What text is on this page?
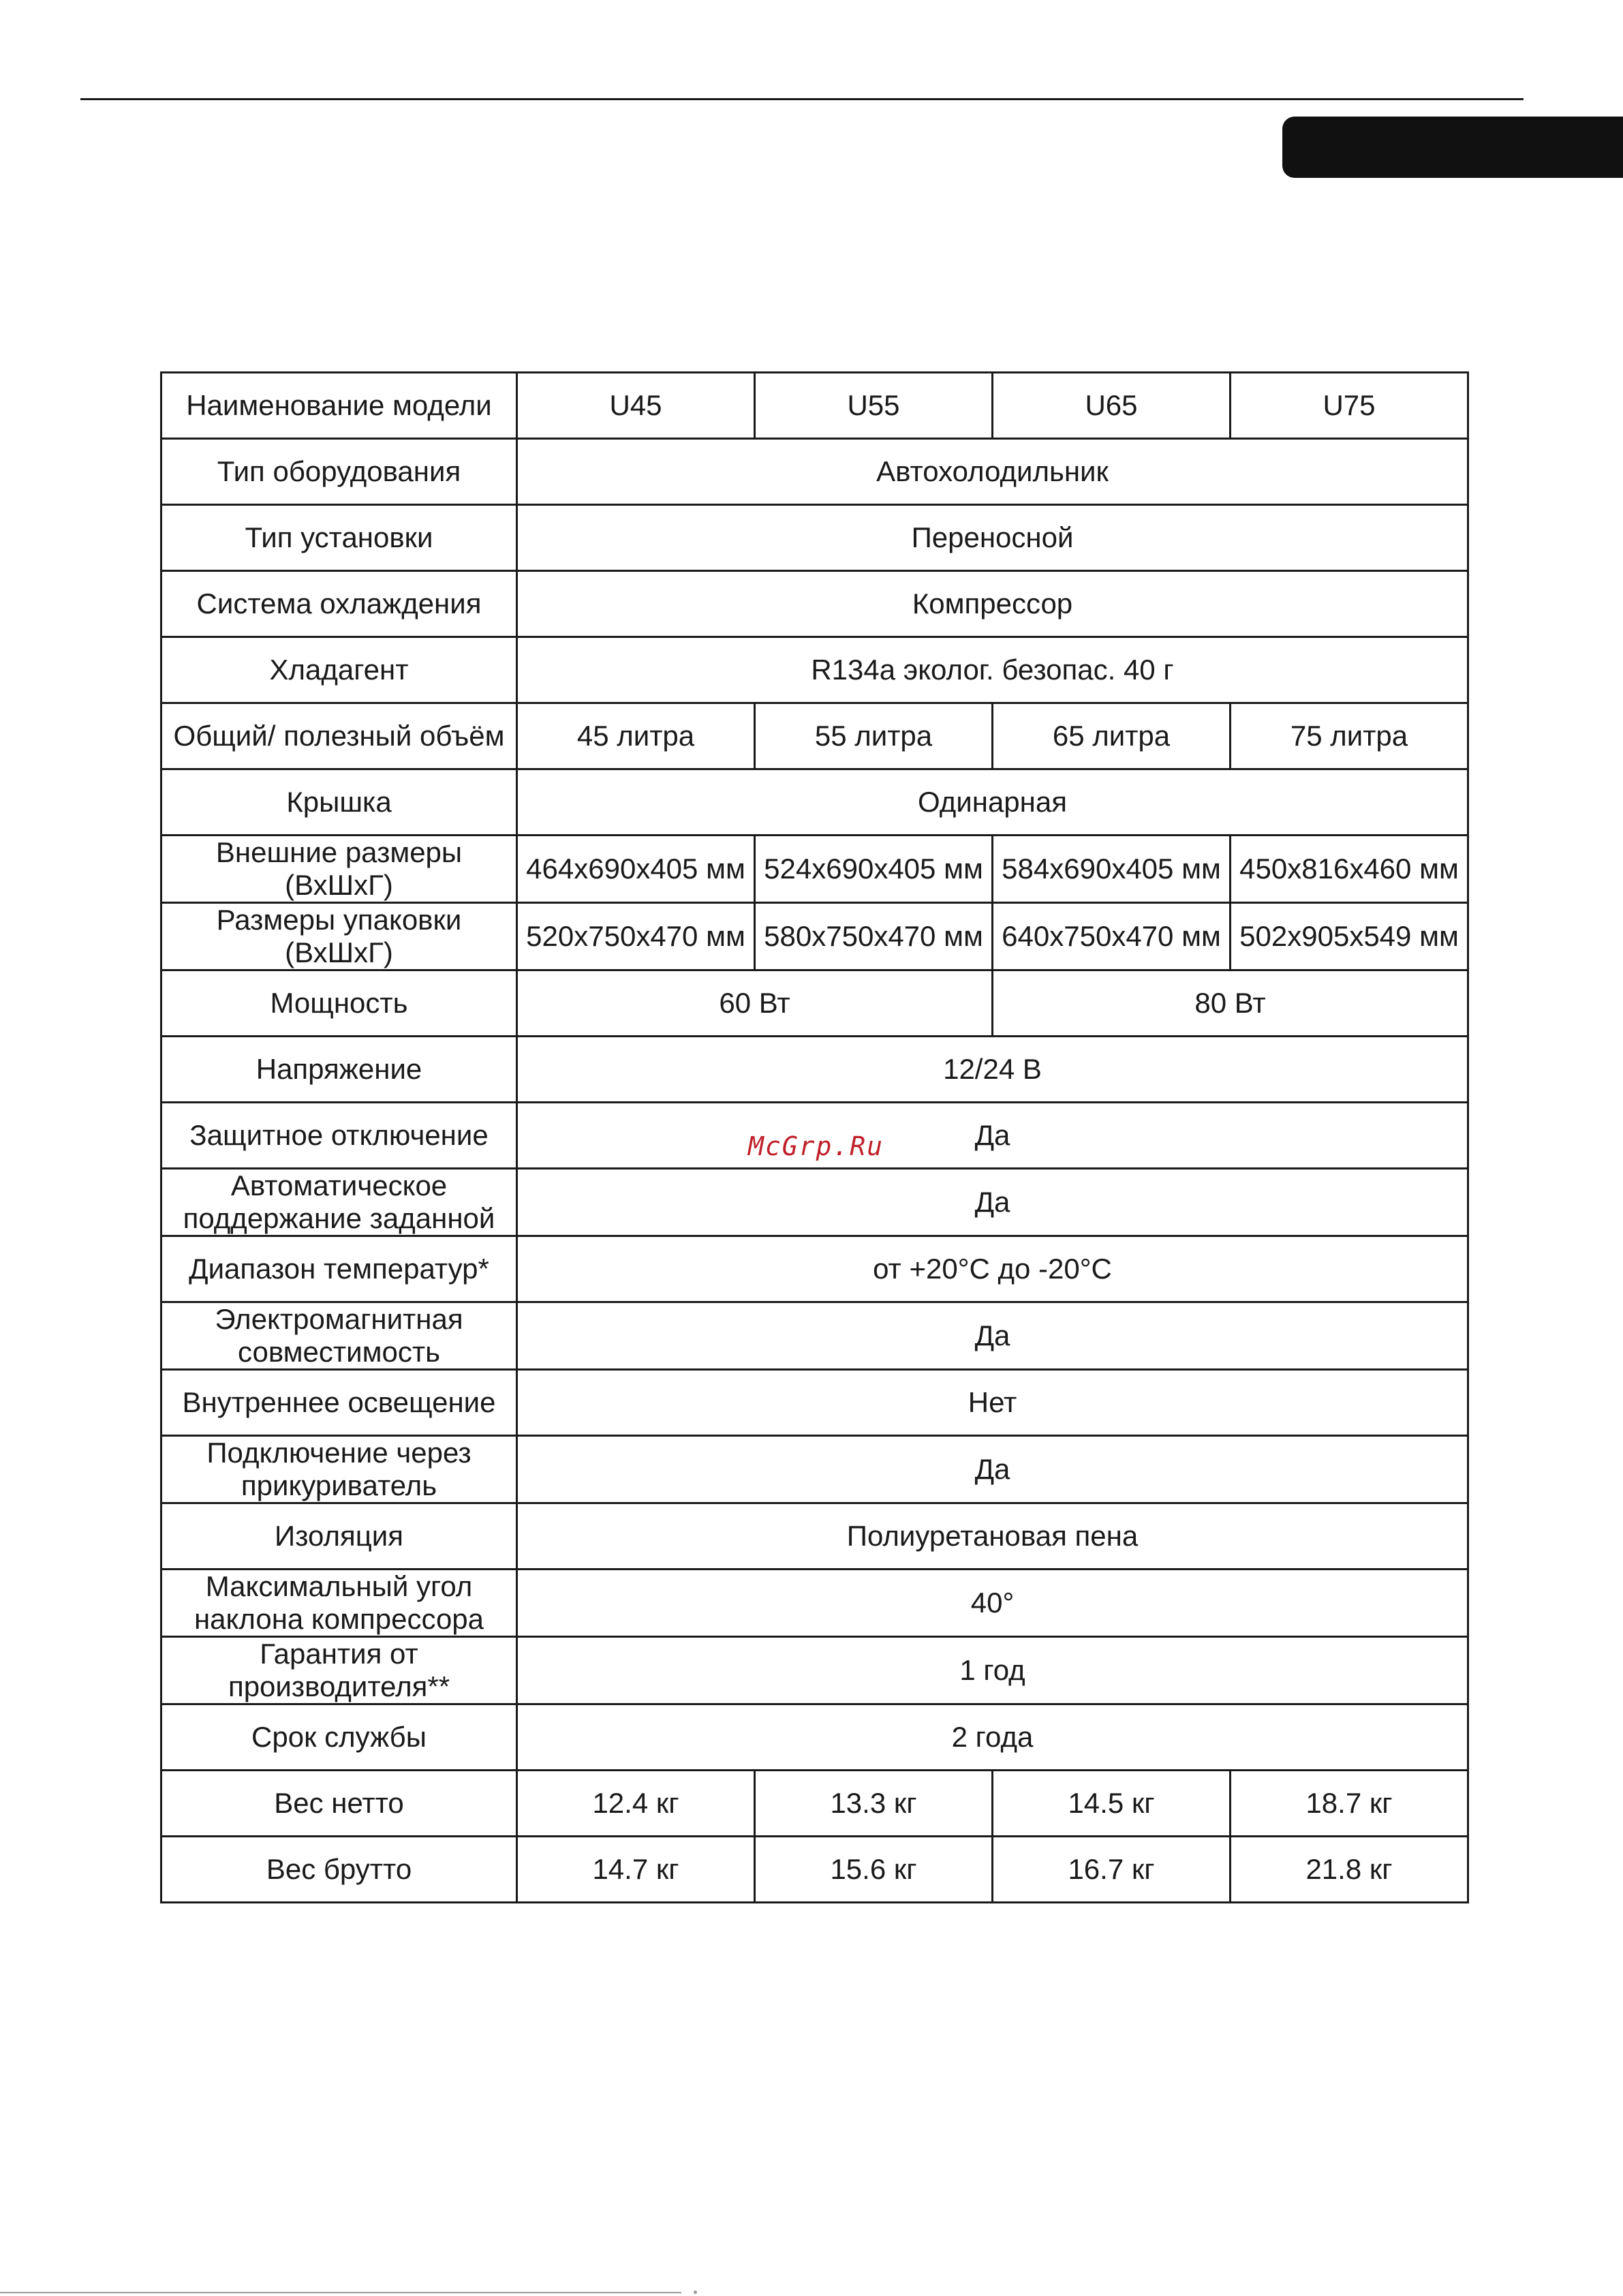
Наименование модели	U45	U55	U65	U75
Тип оборудования	Автохолодильник			
Тип установки	Переносной			
Система охлаждения	Компрессор			
Хладагент	R134a эколог. безопас. 40 г			
Общий/ полезный объём	45 литра	55 литра	65 литра	75 литра
Крышка	Одинарная			
Внешние размеры (ВхШхГ)	464x690x405 мм	524x690x405 мм	584x690x405 мм	450x816x460 мм
Размеры упаковки (ВхШхГ)	520x750x470 мм	580x750x470 мм	640x750x470 мм	502x905x549 мм
Мощность	60 Вт		80 Вт	
Напряжение	12/24 В			
Защитное отключение	Да			
Автоматическое поддержание заданной	Да			
Диапазон температур*	от +20°С до -20°С			
Электромагнитная совместимость	Да			
Внутреннее освещение	Нет			
Подключение через прикуриватель	Да			
Изоляция	Полиуретановая пена			
Максимальный угол наклона компрессора	40°			
Гарантия от производителя**	1 год			
Срок службы	2 года			
Вес нетто	12.4 кг	13.3 кг	14.5 кг	18.7 кг
Вес брутто	14.7 кг	15.6 кг	16.7 кг	21.8 кг
McGrp.Ru
